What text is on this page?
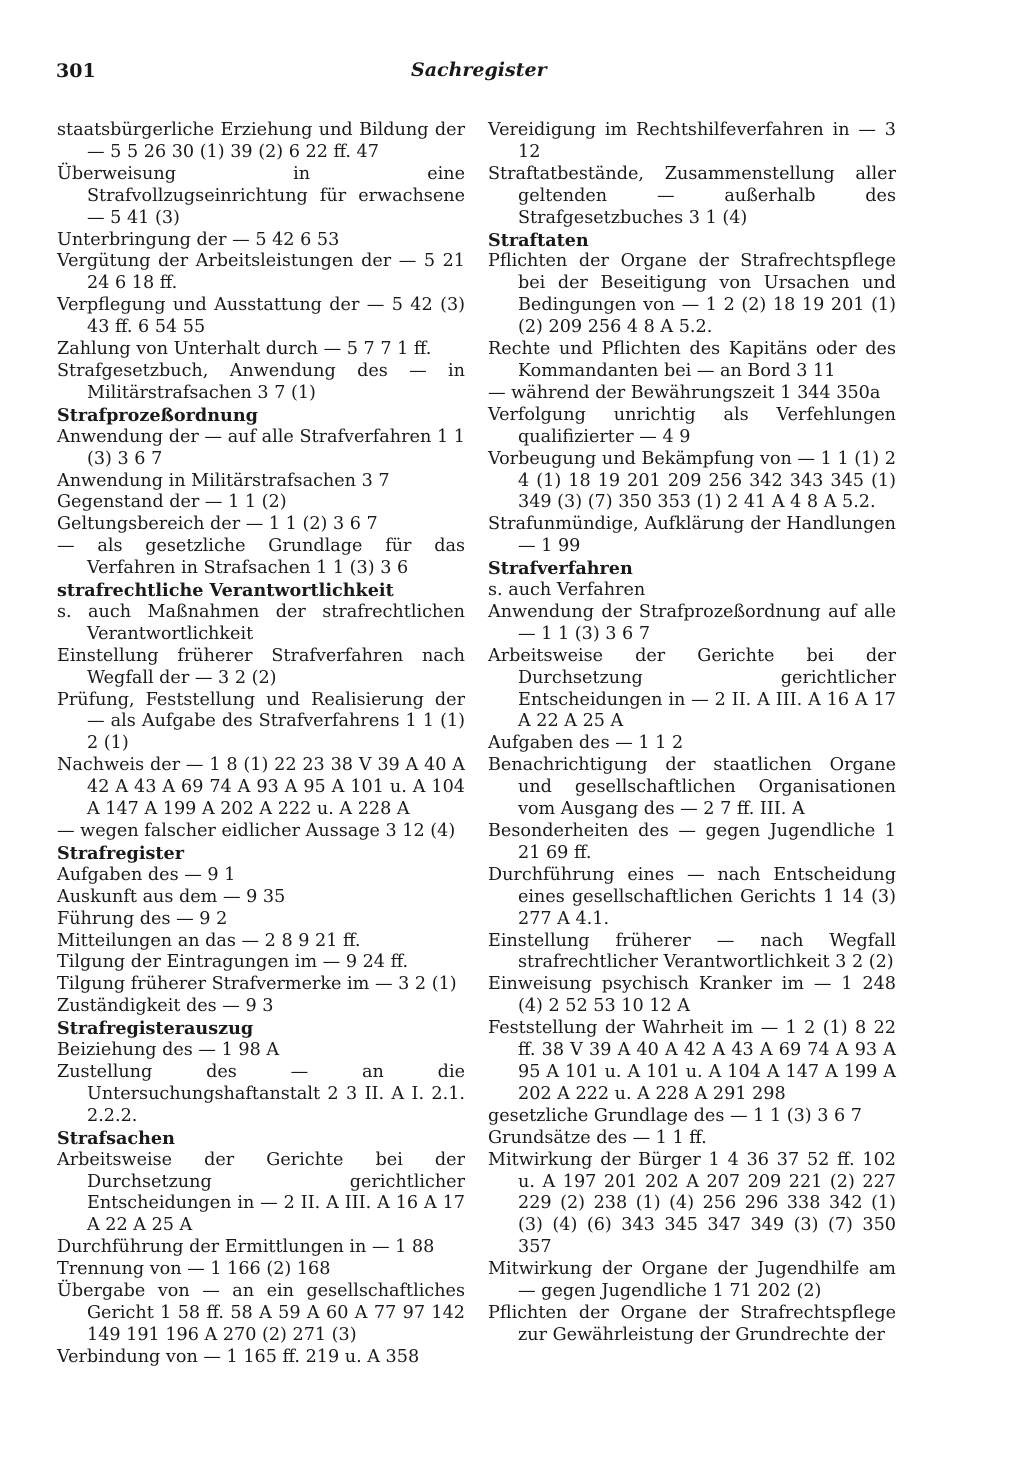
301	Sachregister
staatsbürgerliche Erziehung und Bildung der — 5 5 26 30 (1) 39 (2) 6 22 ff. 47
Überweisung in eine Strafvollzugseinrichtung für erwachsene — 5 41 (3)
Unterbringung der — 5 42 6 53
Vergütung der Arbeitsleistungen der — 5 21 24 6 18 ff.
Verpflegung und Ausstattung der — 5 42 (3) 43 ff. 6 54 55
Zahlung von Unterhalt durch — 5 7 7 1 ff.
Strafgesetzbuch, Anwendung des — in Militärstrafsachen 3 7 (1)
Strafprozeßordnung
Anwendung der — auf alle Strafverfahren 1 1 (3) 3 6 7
Anwendung in Militärstrafsachen 3 7
Gegenstand der — 1 1 (2)
Geltungsbereich der — 1 1 (2) 3 6 7
— als gesetzliche Grundlage für das Verfahren in Strafsachen 1 1 (3) 3 6
strafrechtliche Verantwortlichkeit
s. auch Maßnahmen der strafrechtlichen Verantwortlichkeit
Einstellung früherer Strafverfahren nach Wegfall der — 3 2 (2)
Prüfung, Feststellung und Realisierung der — als Aufgabe des Strafverfahrens 1 1 (1) 2 (1)
Nachweis der — 1 8 (1) 22 23 38 V 39 A 40 A 42 A 43 A 69 74 A 93 A 95 A 101 u. A 104 A 147 A 199 A 202 A 222 u. A 228 A
— wegen falscher eidlicher Aussage 3 12 (4)
Strafregister
Aufgaben des — 9 1
Auskunft aus dem — 9 35
Führung des — 9 2
Mitteilungen an das — 2 8 9 21 ff.
Tilgung der Eintragungen im — 9 24 ff.
Tilgung früherer Strafvermerke im — 3 2 (1)
Zuständigkeit des — 9 3
Strafregisterauszug
Beiziehung des — 1 98 A
Zustellung des — an die Untersuchungshaftanstalt 2 3 II. A I. 2.1. 2.2.2.
Strafsachen
Arbeitsweise der Gerichte bei der Durchsetzung gerichtlicher Entscheidungen in — 2 II. A III. A 16 A 17 A 22 A 25 A
Durchführung der Ermittlungen in — 1 88
Trennung von — 1 166 (2) 168
Übergabe von — an ein gesellschaftliches Gericht 1 58 ff. 58 A 59 A 60 A 77 97 142 149 191 196 A 270 (2) 271 (3)
Verbindung von — 1 165 ff. 219 u. A 358
Vereidigung im Rechtshilfeverfahren in — 3 12
Straftatbestände, Zusammenstellung aller geltenden — außerhalb des Strafgesetzbuches 3 1 (4)
Straftaten
Pflichten der Organe der Strafrechtspflege bei der Beseitigung von Ursachen und Bedingungen von — 1 2 (2) 18 19 201 (1) (2) 209 256 4 8 A 5.2.
Rechte und Pflichten des Kapitäns oder des Kommandanten bei — an Bord 3 11
— während der Bewährungszeit 1 344 350a
Verfolgung unrichtig als Verfehlungen qualifizierter — 4 9
Vorbeugung und Bekämpfung von — 1 1 (1) 2 4 (1) 18 19 201 209 256 342 343 345 (1) 349 (3) (7) 350 353 (1) 2 41 A 4 8 A 5.2.
Strafunmündige, Aufklärung der Handlungen — 1 99
Strafverfahren
s. auch Verfahren
Anwendung der Strafprozeßordnung auf alle — 1 1 (3) 3 6 7
Arbeitsweise der Gerichte bei der Durchsetzung gerichtlicher Entscheidungen in — 2 II. A III. A 16 A 17 A 22 A 25 A
Aufgaben des — 1 1 2
Benachrichtigung der staatlichen Organe und gesellschaftlichen Organisationen vom Ausgang des — 2 7 ff. III. A
Besonderheiten des — gegen Jugendliche 1 21 69 ff.
Durchführung eines — nach Entscheidung eines gesellschaftlichen Gerichts 1 14 (3) 277 A 4.1.
Einstellung früherer — nach Wegfall strafrechtlicher Verantwortlichkeit 3 2 (2)
Einweisung psychisch Kranker im — 1 248 (4) 2 52 53 10 12 A
Feststellung der Wahrheit im — 1 2 (1) 8 22 ff. 38 V 39 A 40 A 42 A 43 A 69 74 A 93 A 95 A 101 u. A 101 u. A 104 A 147 A 199 A 202 A 222 u. A 228 A 291 298
gesetzliche Grundlage des — 1 1 (3) 3 6 7
Grundsätze des — 1 1 ff.
Mitwirkung der Bürger 1 4 36 37 52 ff. 102 u. A 197 201 202 A 207 209 221 (2) 227 229 (2) 238 (1) (4) 256 296 338 342 (1) (3) (4) (6) 343 345 347 349 (3) (7) 350 357
Mitwirkung der Organe der Jugendhilfe am — gegen Jugendliche 1 71 202 (2)
Pflichten der Organe der Strafrechtspflege zur Gewährleistung der Grundrechte der
